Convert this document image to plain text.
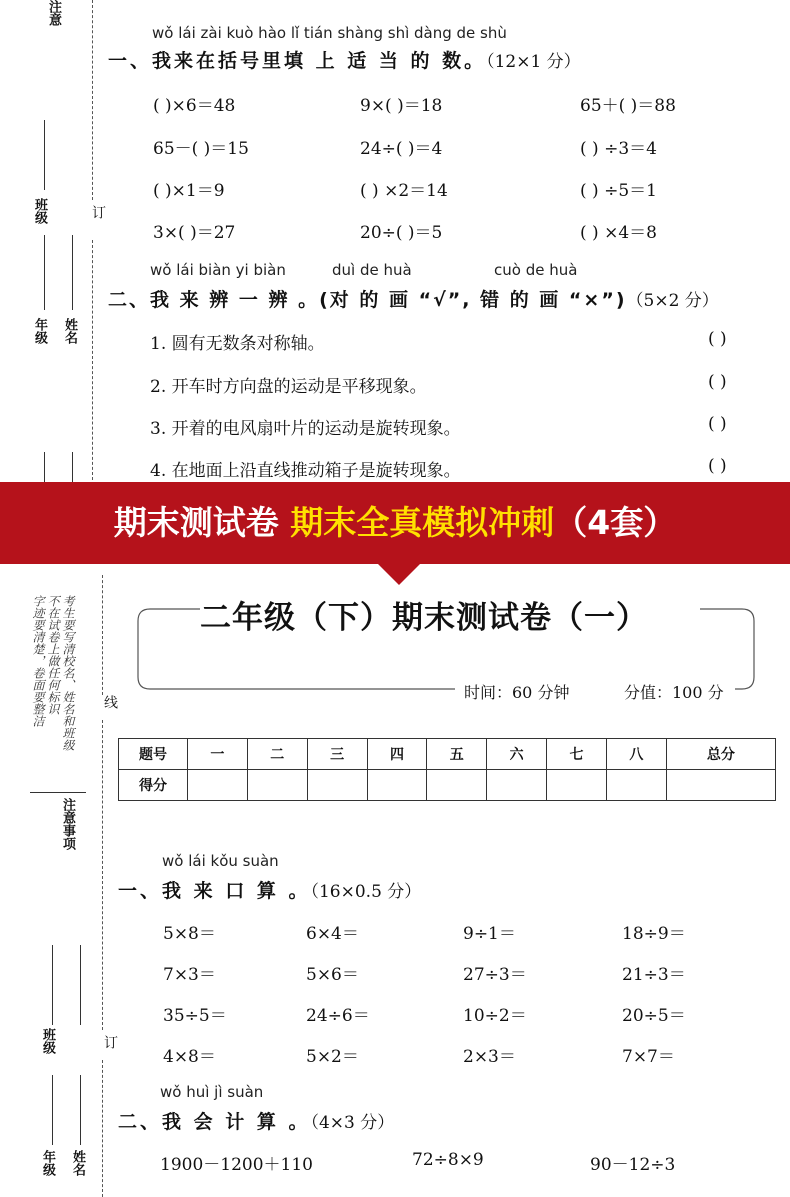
注意
班级
年级 姓名
订
wǒ lái zài kuò hào lǐ tián shàng shì dàng de shù
一、我来在括号里填 上 适 当 的 数。（12×1 分）
( )×6＝48	9×( )＝18	65＋( )＝88
65－( )＝15	24÷( )＝4	( ) ÷3＝4
( )×1＝9	( ) ×2＝14	( ) ÷5＝1
3×( )＝27	20÷( )＝5	( ) ×4＝8
wǒ lái biàn yi biàn	duì de huà	cuò de huà
二、我 来 辨 一 辨 。(对 的 画 “√”, 错 的 画 “×”)（5×2 分）
1. 圆有无数条对称轴。	( )
2. 开车时方向盘的运动是平移现象。	( )
3. 开着的电风扇叶片的运动是旋转现象。	( )
4. 在地面上沿直线推动箱子是旋转现象。	( )
期末测试卷 期末全真模拟冲刺（4套）
考生要写清校名、姓名和班级
不在试卷上做任何标识
字迹要清楚，卷面要整洁
注意事项
班级
年级 姓名
线
订
二年级（下）期末测试卷（一）
时间：60 分钟	分值：100 分
题号	一	二	三	四	五	六	七	八	总分
得分									
wǒ lái kǒu suàn
一、我 来 口 算 。（16×0.5 分）
5×8＝	6×4＝	9÷1＝	18÷9＝
7×3＝	5×6＝	27÷3＝	21÷3＝
35÷5＝	24÷6＝	10÷2＝	20÷5＝
4×8＝	5×2＝	2×3＝	7×7＝
wǒ huì jì suàn
二、我 会 计 算 。（4×3 分）
1900－1200＋110	72÷8×9	90－12÷3
